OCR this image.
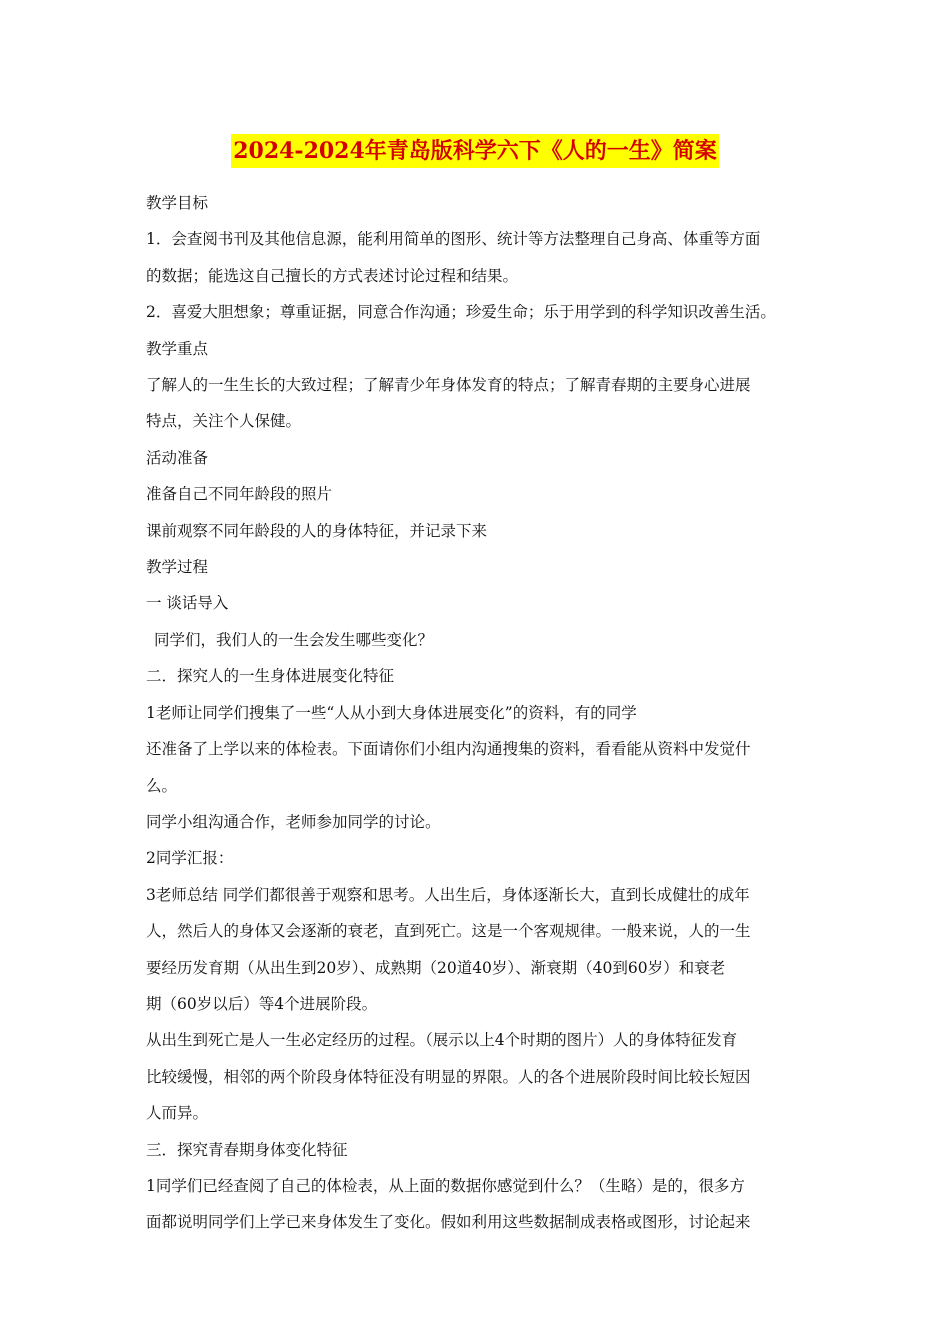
2024-2024年青岛版科学六下《人的一生》简案

教学目标

1．会查阅书刊及其他信息源，能利用简单的图形、统计等方法整理自己身高、体重等方面

的数据；能选这自己擅长的方式表述讨论过程和结果。

2．喜爱大胆想象；尊重证据，同意合作沟通；珍爱生命；乐于用学到的科学知识改善生活。

教学重点

了解人的一生生长的大致过程；了解青少年身体发育的特点；了解青春期的主要身心进展

特点，关注个人保健。

活动准备

准备自己不同年龄段的照片

课前观察不同年龄段的人的身体特征，并记录下来

教学过程

一 谈话导入

同学们，我们人的一生会发生哪些变化？

二．探究人的一生身体进展变化特征

1老师让同学们搜集了一些“人从小到大身体进展变化”的资料，有的同学

还准备了上学以来的体检表。下面请你们小组内沟通搜集的资料，看看能从资料中发觉什

么。

同学小组沟通合作，老师参加同学的讨论。

2同学汇报：

3老师总结 同学们都很善于观察和思考。人出生后，身体逐渐长大，直到长成健壮的成年

人，然后人的身体又会逐渐的衰老，直到死亡。这是一个客观规律。一般来说，人的一生

要经历发育期（从出生到20岁）、成熟期（20道40岁）、渐衰期（40到60岁）和衰老

期（60岁以后）等4个进展阶段。

从出生到死亡是人一生必定经历的过程。（展示以上4个时期的图片）人的身体特征发育

比较缓慢，相邻的两个阶段身体特征没有明显的界限。人的各个进展阶段时间比较长短因

人而异。

三．探究青春期身体变化特征

1同学们已经查阅了自己的体检表，从上面的数据你感觉到什么？（生略）是的，很多方

面都说明同学们上学已来身体发生了变化。假如利用这些数据制成表格或图形，讨论起来
